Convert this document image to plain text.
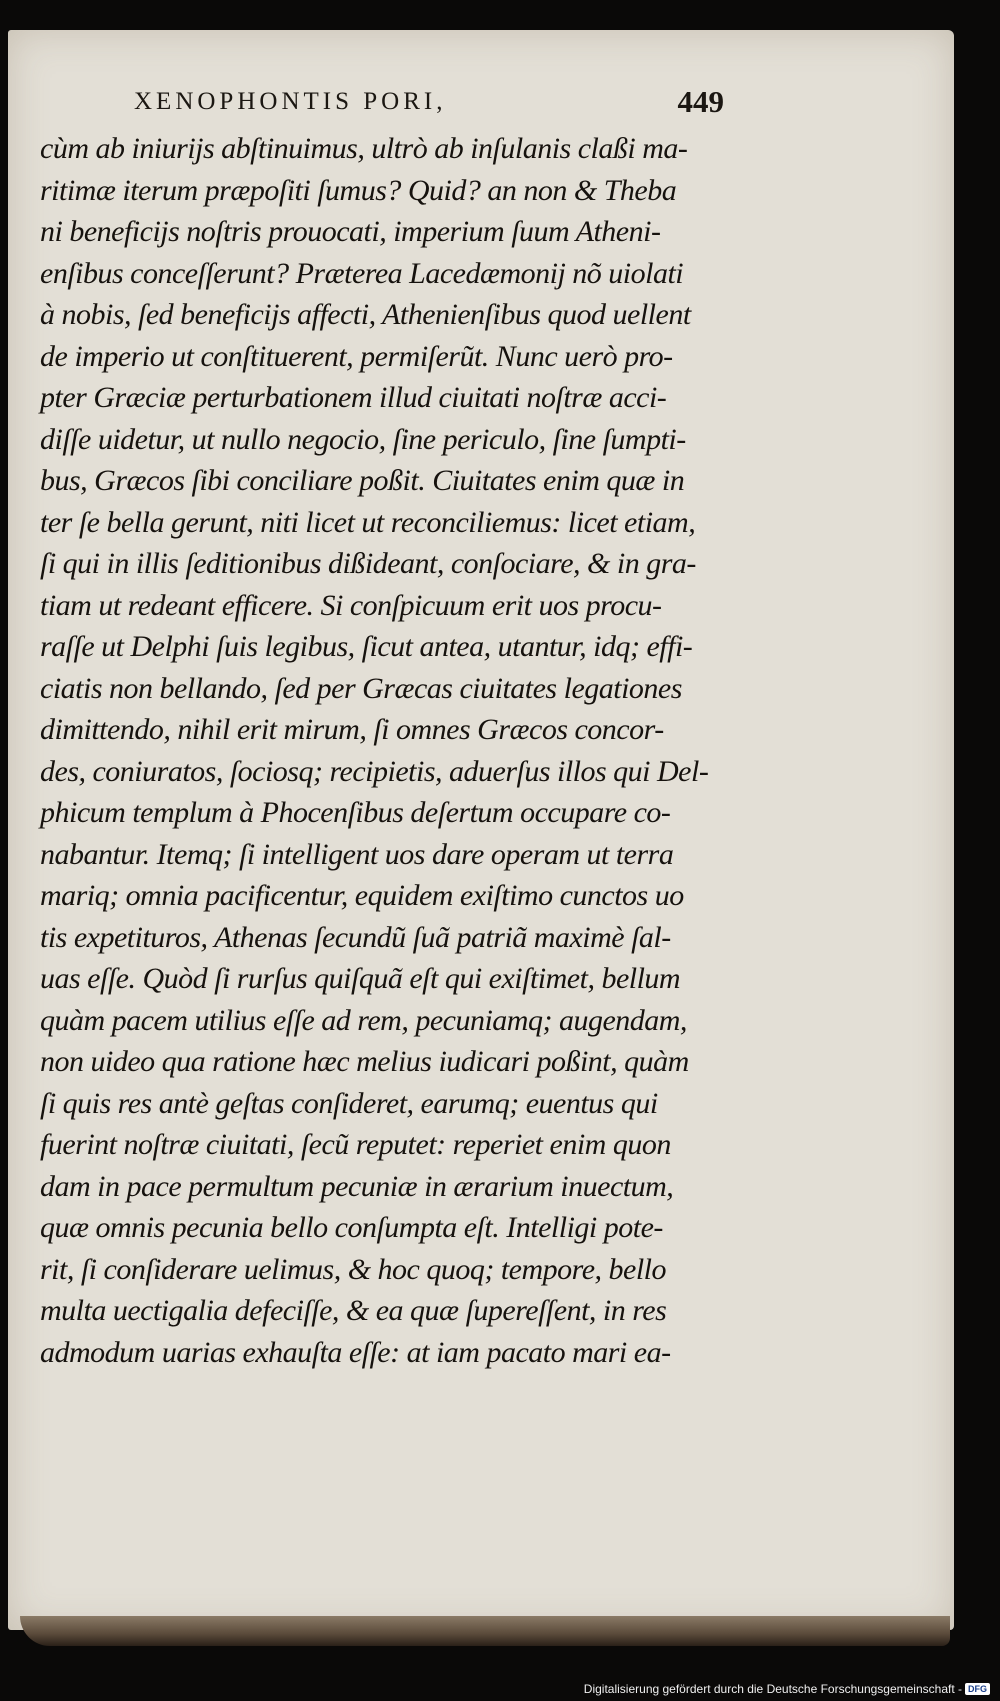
XENOPHONTIS PORI,	449
cùm ab iniurijs abſtinuimus, ultrò ab inſulanis claßi ma-
ritimæ iterum præpoſiti ſumus? Quid? an non & Theba
ni beneficijs noſtris prouocati, imperium ſuum Atheni-
enſibus conceſſerunt? Præterea Lacedæmonij nõ uiolati
à nobis, ſed beneficijs affecti, Athenienſibus quod uellent
de imperio ut conſtituerent, permiſerũt. Nunc uerò pro-
pter Græciæ perturbationem illud ciuitati noſtræ acci-
diſſe uidetur, ut nullo negocio, ſine periculo, ſine ſumpti-
bus, Græcos ſibi conciliare poßit. Ciuitates enim quæ in
ter ſe bella gerunt, niti licet ut reconciliemus: licet etiam,
ſi qui in illis ſeditionibus dißideant, conſociare, & in gra-
tiam ut redeant efficere. Si conſpicuum erit uos procu-
raſſe ut Delphi ſuis legibus, ſicut antea, utantur, idq; effi-
ciatis non bellando, ſed per Græcas ciuitates legationes
dimittendo, nihil erit mirum, ſi omnes Græcos concor-
des, coniuratos, ſociosq; recipietis, aduerſus illos qui Del-
phicum templum à Phocenſibus deſertum occupare co-
nabantur. Itemq; ſi intelligent uos dare operam ut terra
mariq; omnia pacificentur, equidem exiſtimo cunctos uo
tis expetituros, Athenas ſecundũ ſuã patriã maximè ſal-
uas eſſe. Quòd ſi rurſus quiſquã eſt qui exiſtimet, bellum
quàm pacem utilius eſſe ad rem, pecuniamq; augendam,
non uideo qua ratione hæc melius iudicari poßint, quàm
ſi quis res antè geſtas conſideret, earumq; euentus qui
fuerint noſtræ ciuitati, ſecũ reputet: reperiet enim quon
dam in pace permultum pecuniæ in ærarium inuectum,
quæ omnis pecunia bello conſumpta eſt. Intelligi pote-
rit, ſi conſiderare uelimus, & hoc quoq; tempore, bello
multa uectigalia defeciſſe, & ea quæ ſupereſſent, in res
admodum uarias exhauſta eſſe: at iam pacato mari ea-
Digitalisierung gefördert durch die Deutsche Forschungsgemeinschaft - DFG
